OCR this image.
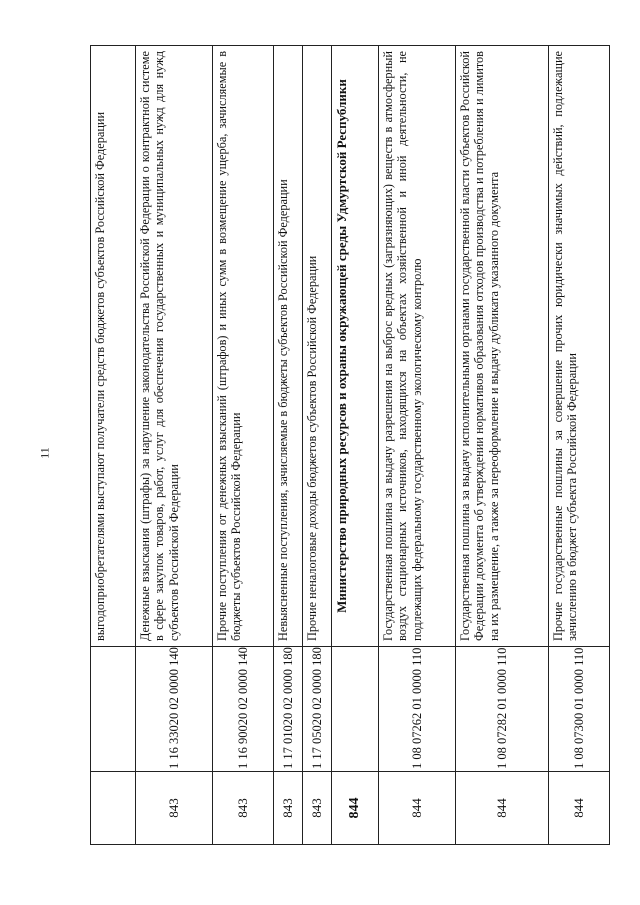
11
			выгодоприобретателями выступают получатели средств бюджетов субъектов Российской Федерации
843	1 16 33020 02 0000 140	Денежные взыскания (штрафы) за нарушение законодательства Российской Федерации о контрактной системе в сфере закупок товаров, работ, услуг для обеспечения государственных и муниципальных нужд для нужд субъектов Российской Федерации
843	1 16 90020 02 0000 140	Прочие поступления от денежных взысканий (штрафов) и иных сумм в возмещение ущерба, зачисляемые в бюджеты субъектов Российской Федерации
843	1 17 01020 02 0000 180	Невыясненные поступления, зачисляемые в бюджеты субъектов Российской Федерации
843	1 17 05020 02 0000 180	Прочие неналоговые доходы бюджетов субъектов Российской Федерации
844		Министерство природных ресурсов и охраны окружающей среды Удмуртской Республики
844	1 08 07262 01 0000 110	Государственная пошлина за выдачу разрешения на выброс вредных (загрязняющих) веществ в атмосферный воздух стационарных источников, находящихся на объектах хозяйственной и иной деятельности, не подлежащих федеральному государственному экологическому контролю
844	1 08 07282 01 0000 110	Государственная пошлина за выдачу исполнительными органами государственной власти субъектов Российской Федерации документа об утверждении нормативов образования отходов производства и потребления и лимитов на их размещение, а также за переоформление и выдачу дубликата указанного документа
844	1 08 07300 01 0000 110	Прочие государственные пошлины за совершение прочих юридически значимых действий, подлежащие зачислению в бюджет субъекта Российской Федерации
